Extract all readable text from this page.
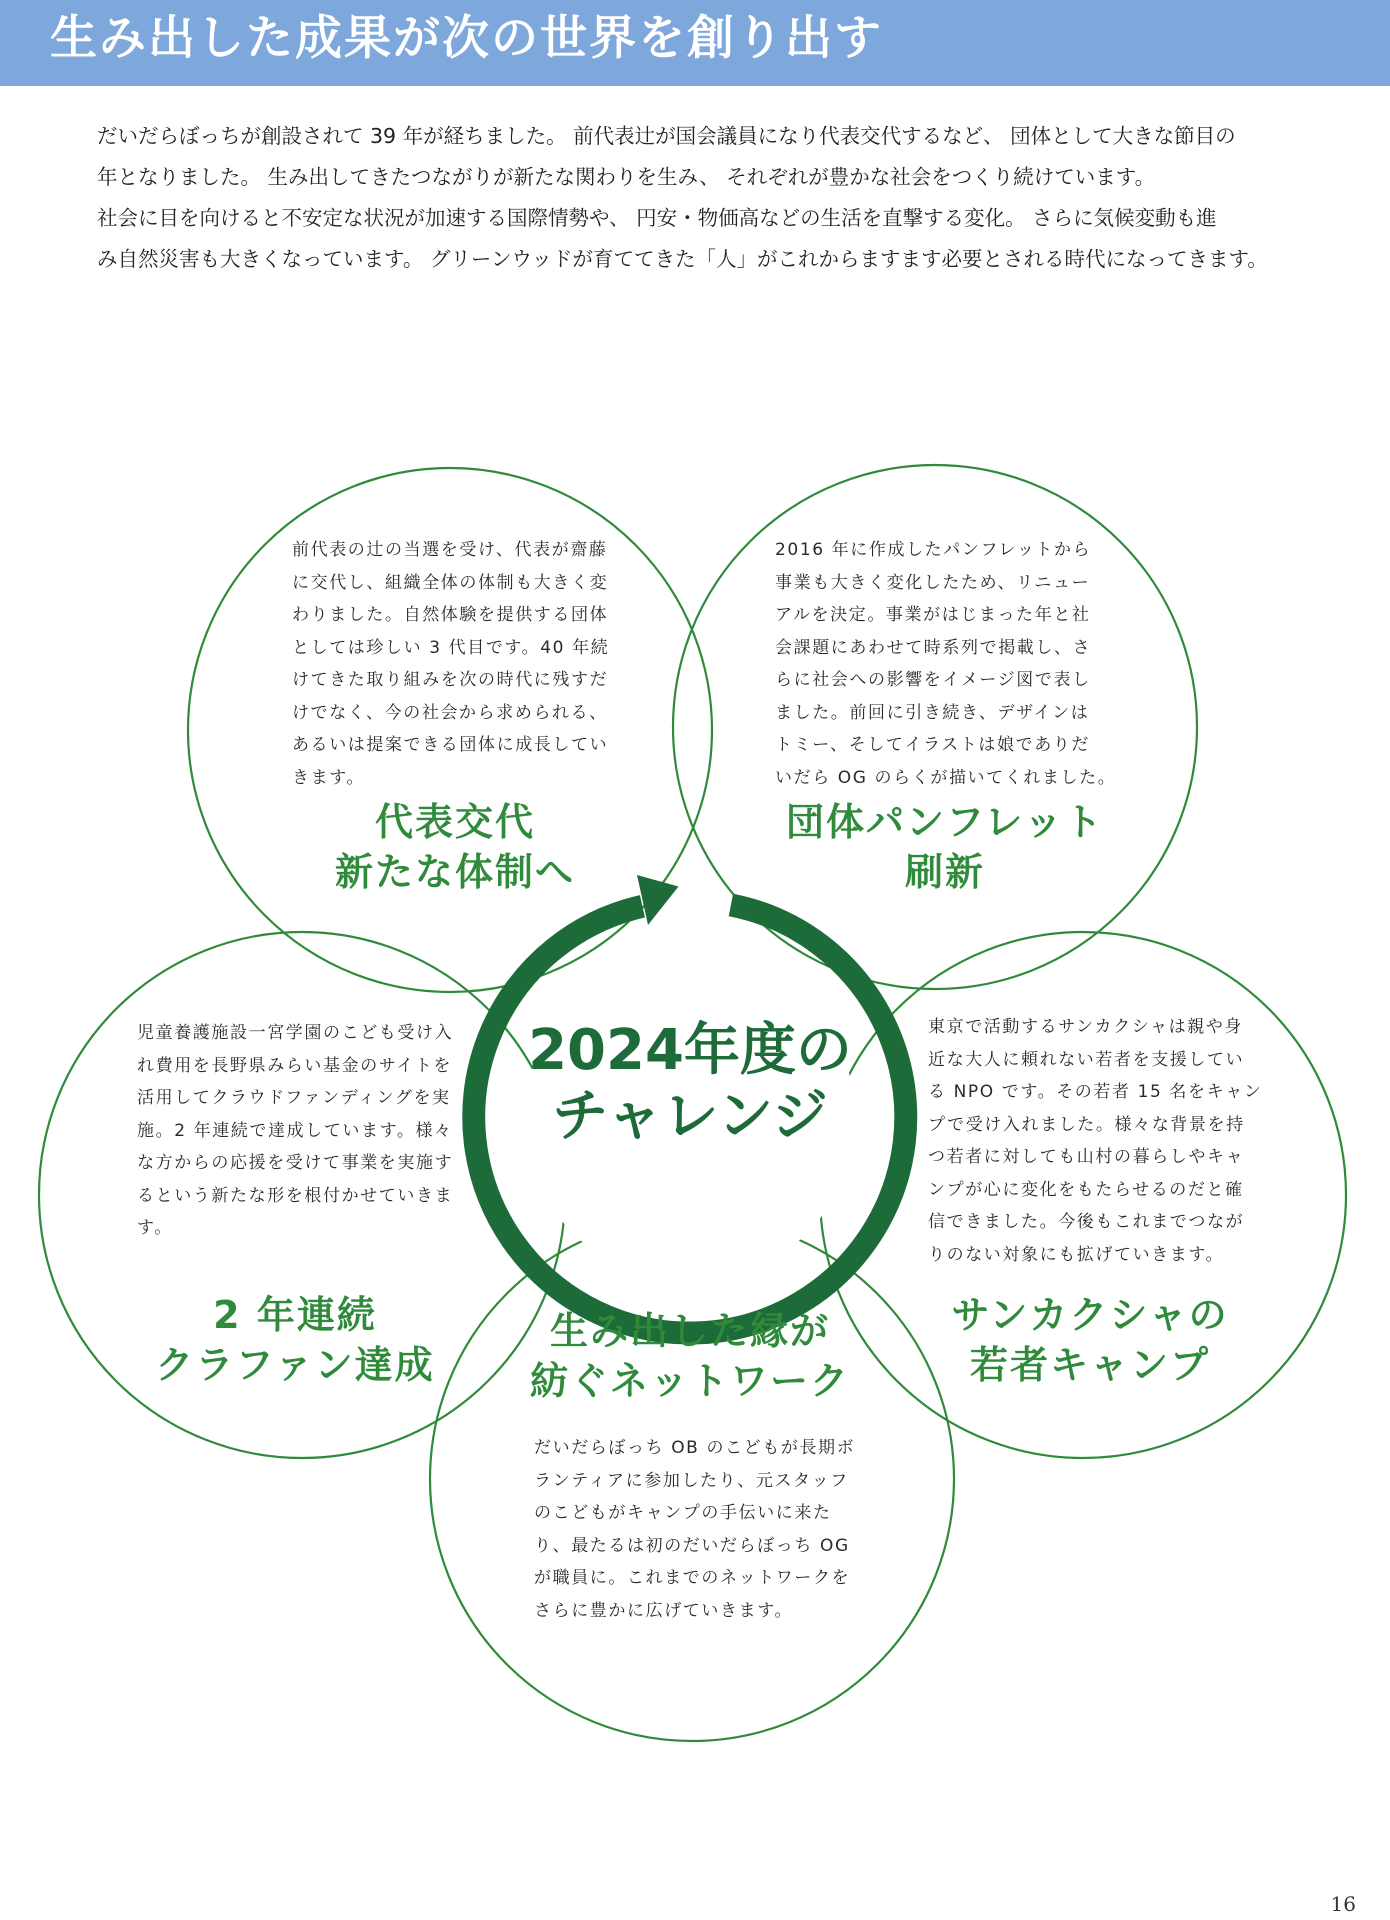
生み出した成果が次の世界を創り出す

だいだらぼっちが創設されて 39 年が経ちました。 前代表辻が国会議員になり代表交代するなど、 団体として大きな節目の

年となりました。 生み出してきたつながりが新たな関わりを生み、 それぞれが豊かな社会をつくり続けています。

社会に目を向けると不安定な状況が加速する国際情勢や、 円安・物価高などの生活を直撃する変化。 さらに気候変動も進

み自然災害も大きくなっています。 グリーンウッドが育ててきた「人」がこれからますます必要とされる時代になってきます。

前代表の辻の当選を受け、代表が齋藤
に交代し、組織全体の体制も大きく変
わりました。自然体験を提供する団体
としては珍しい 3 代目です。40 年続
けてきた取り組みを次の時代に残すだ
けでなく、今の社会から求められる、
あるいは提案できる団体に成長してい
きます。
代表交代
新たな体制へ
2016 年に作成したパンフレットから
事業も大きく変化したため、リニュー
アルを決定。事業がはじまった年と社
会課題にあわせて時系列で掲載し、さ
らに社会への影響をイメージ図で表し
ました。前回に引き続き、デザインは
トミー、そしてイラストは娘でありだ
いだら OG のらくが描いてくれました。
団体パンフレット
刷新
児童養護施設一宮学園のこども受け入
れ費用を長野県みらい基金のサイトを
活用してクラウドファンディングを実
施。2 年連続で達成しています。様々
な方からの応援を受けて事業を実施す
るという新たな形を根付かせていきま
す。
2 年連続
クラファン達成
だいだらぼっち OB のこどもが長期ボ
ランティアに参加したり、元スタッフ
のこどもがキャンプの手伝いに来た
り、最たるは初のだいだらぼっち OG
が職員に。これまでのネットワークを
さらに豊かに広げていきます。
生み出した縁が
紡ぐネットワーク
東京で活動するサンカクシャは親や身
近な大人に頼れない若者を支援してい
る NPO です。その若者 15 名をキャン
プで受け入れました。様々な背景を持
つ若者に対しても山村の暮らしやキャ
ンプが心に変化をもたらせるのだと確
信できました。今後もこれまでつなが
りのない対象にも拡げていきます。
サンカクシャの
若者キャンプ
2024年度の
チャレンジ
16
